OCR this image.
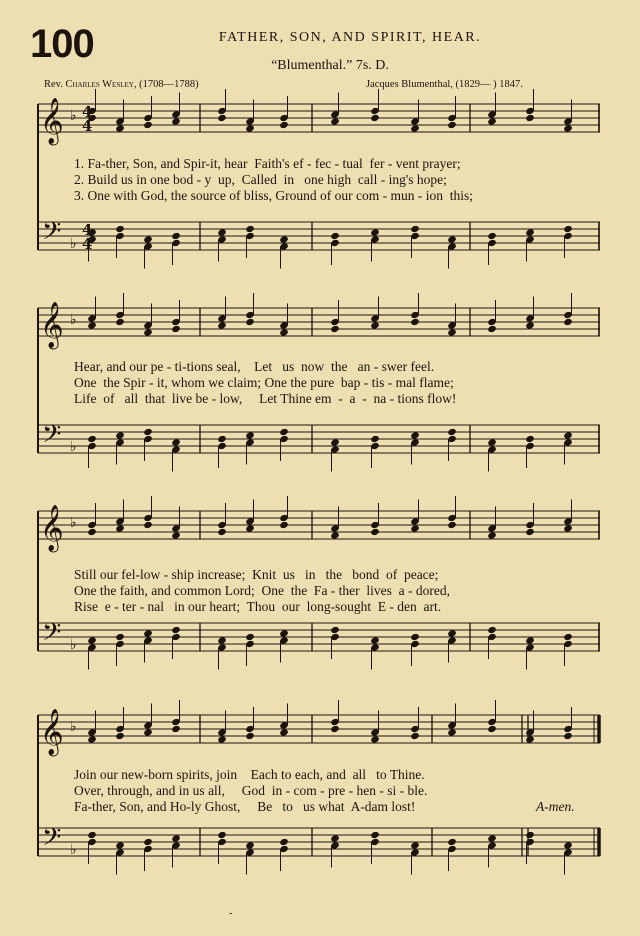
100	FATHER, SON, AND SPIRIT, HEAR.
“Blumenthal.” 7s. D.
Rev. Charles Wesley, (1708—1788)	Jacques Blumenthal, (1829— ) 1847.
𝄞
𝄢
♭
♭
𝄞
𝄢
♭
♭
𝄞
𝄢
♭
♭
𝄞
𝄢
♭
♭
4
4
4
4
1. Fa-ther, Son, and Spir-it, hear  Faith's ef - fec - tual  fer - vent prayer;
2. Build us in one bod - y  up,  Called  in   one high  call - ing's hope;
3. One with God, the source of bliss, Ground of our com - mun - ion  this;
Hear, and our pe - ti-tions seal,    Let   us  now  the   an - swer feel.
One  the Spir - it, whom we claim; One the pure  bap - tis - mal flame;
Life  of   all  that  live be - low,     Let Thine em  -  a  -  na - tions flow!
Still our fel-low - ship increase;  Knit  us   in   the   bond  of  peace;
One the faith, and common Lord;  One  the  Fa - ther  lives  a - dored,
Rise  e - ter - nal   in our heart;  Thou  our  long-sought  E - den  art.
Join our new-born spirits, join    Each to each, and  all   to Thine.
Over, through, and in us all,     God  in - com - pre - hen - si - ble.
Fa-ther, Son, and Ho-ly Ghost,     Be   to   us what  A-dam lost!	A-men.
-
